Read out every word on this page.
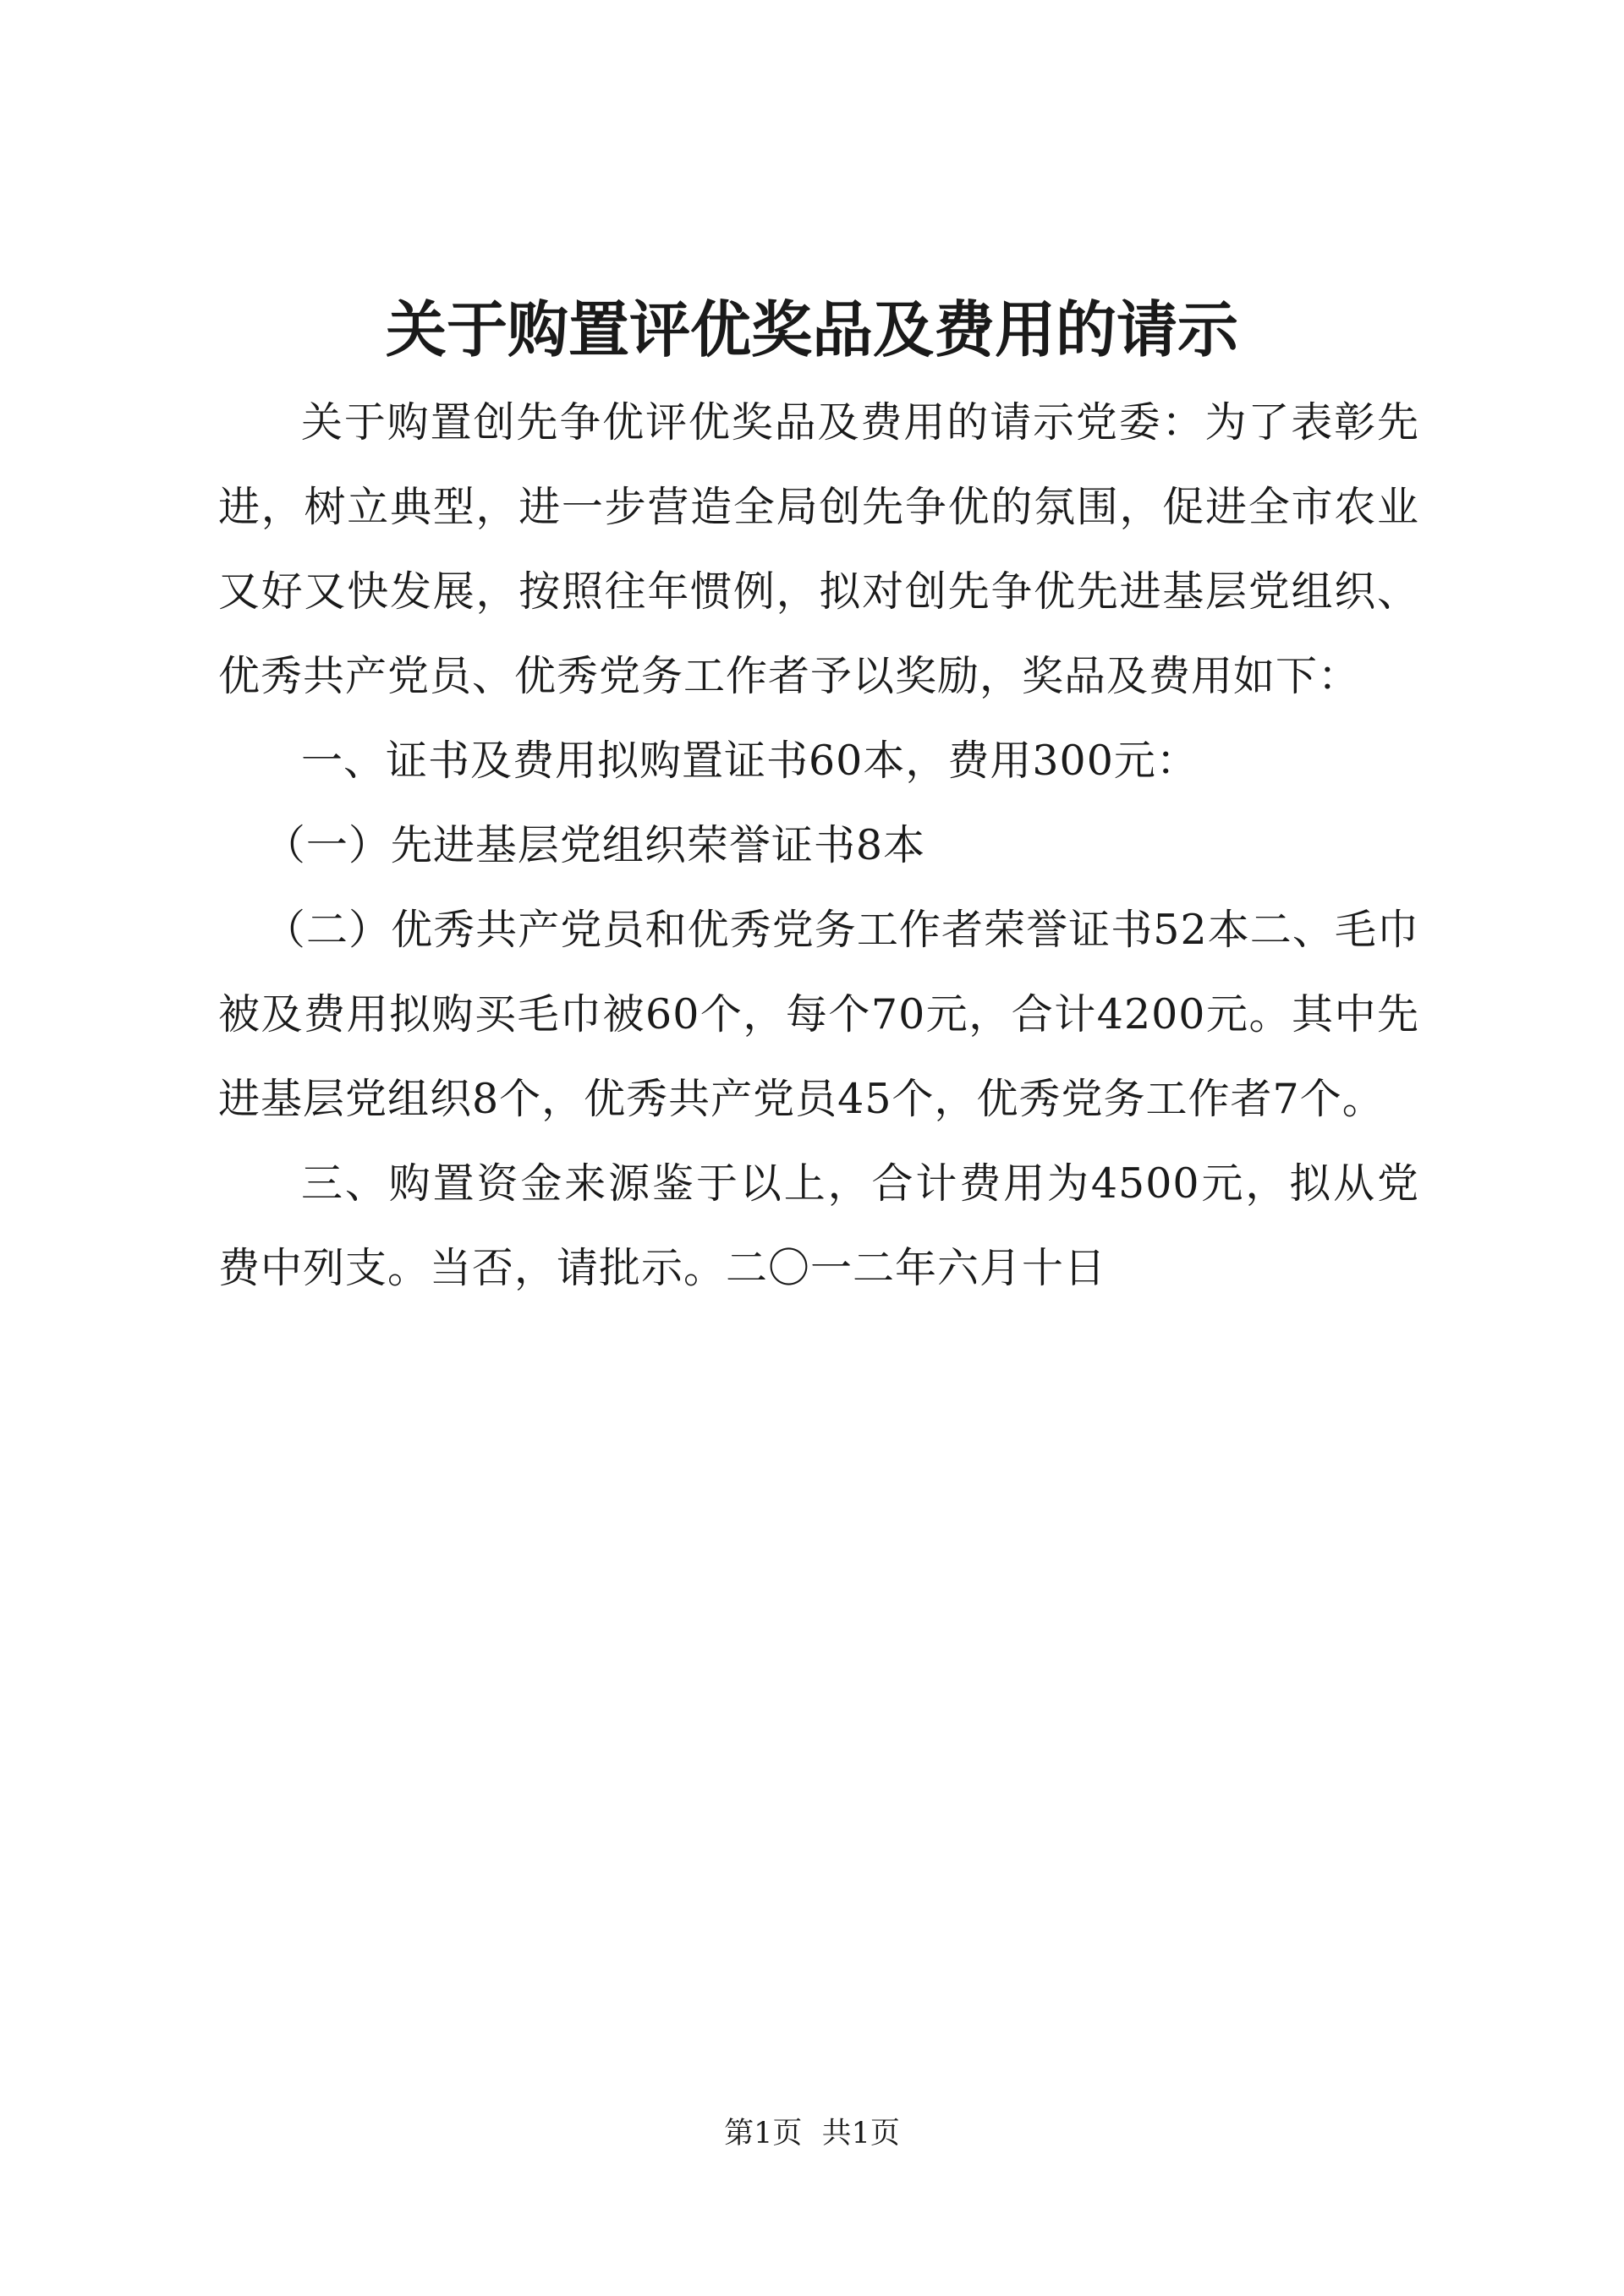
关于购置评优奖品及费用的请示

关于购置创先争优评优奖品及费用的请示党委：为了表彰先进，树立典型，进一步营造全局创先争优的氛围，促进全市农业又好又快发展，按照往年惯例，拟对创先争优先进基层党组织、优秀共产党员、优秀党务工作者予以奖励，奖品及费用如下：

一、证书及费用拟购置证书60本，费用300元：

（一）先进基层党组织荣誉证书8本

（二）优秀共产党员和优秀党务工作者荣誉证书52本二、毛巾被及费用拟购买毛巾被60个，每个70元，合计4200元。其中先进基层党组织8个，优秀共产党员45个，优秀党务工作者7个。

三、购置资金来源鉴于以上，合计费用为4500元，拟从党费中列支。当否，请批示。二〇一二年六月十日

第1页 共1页
